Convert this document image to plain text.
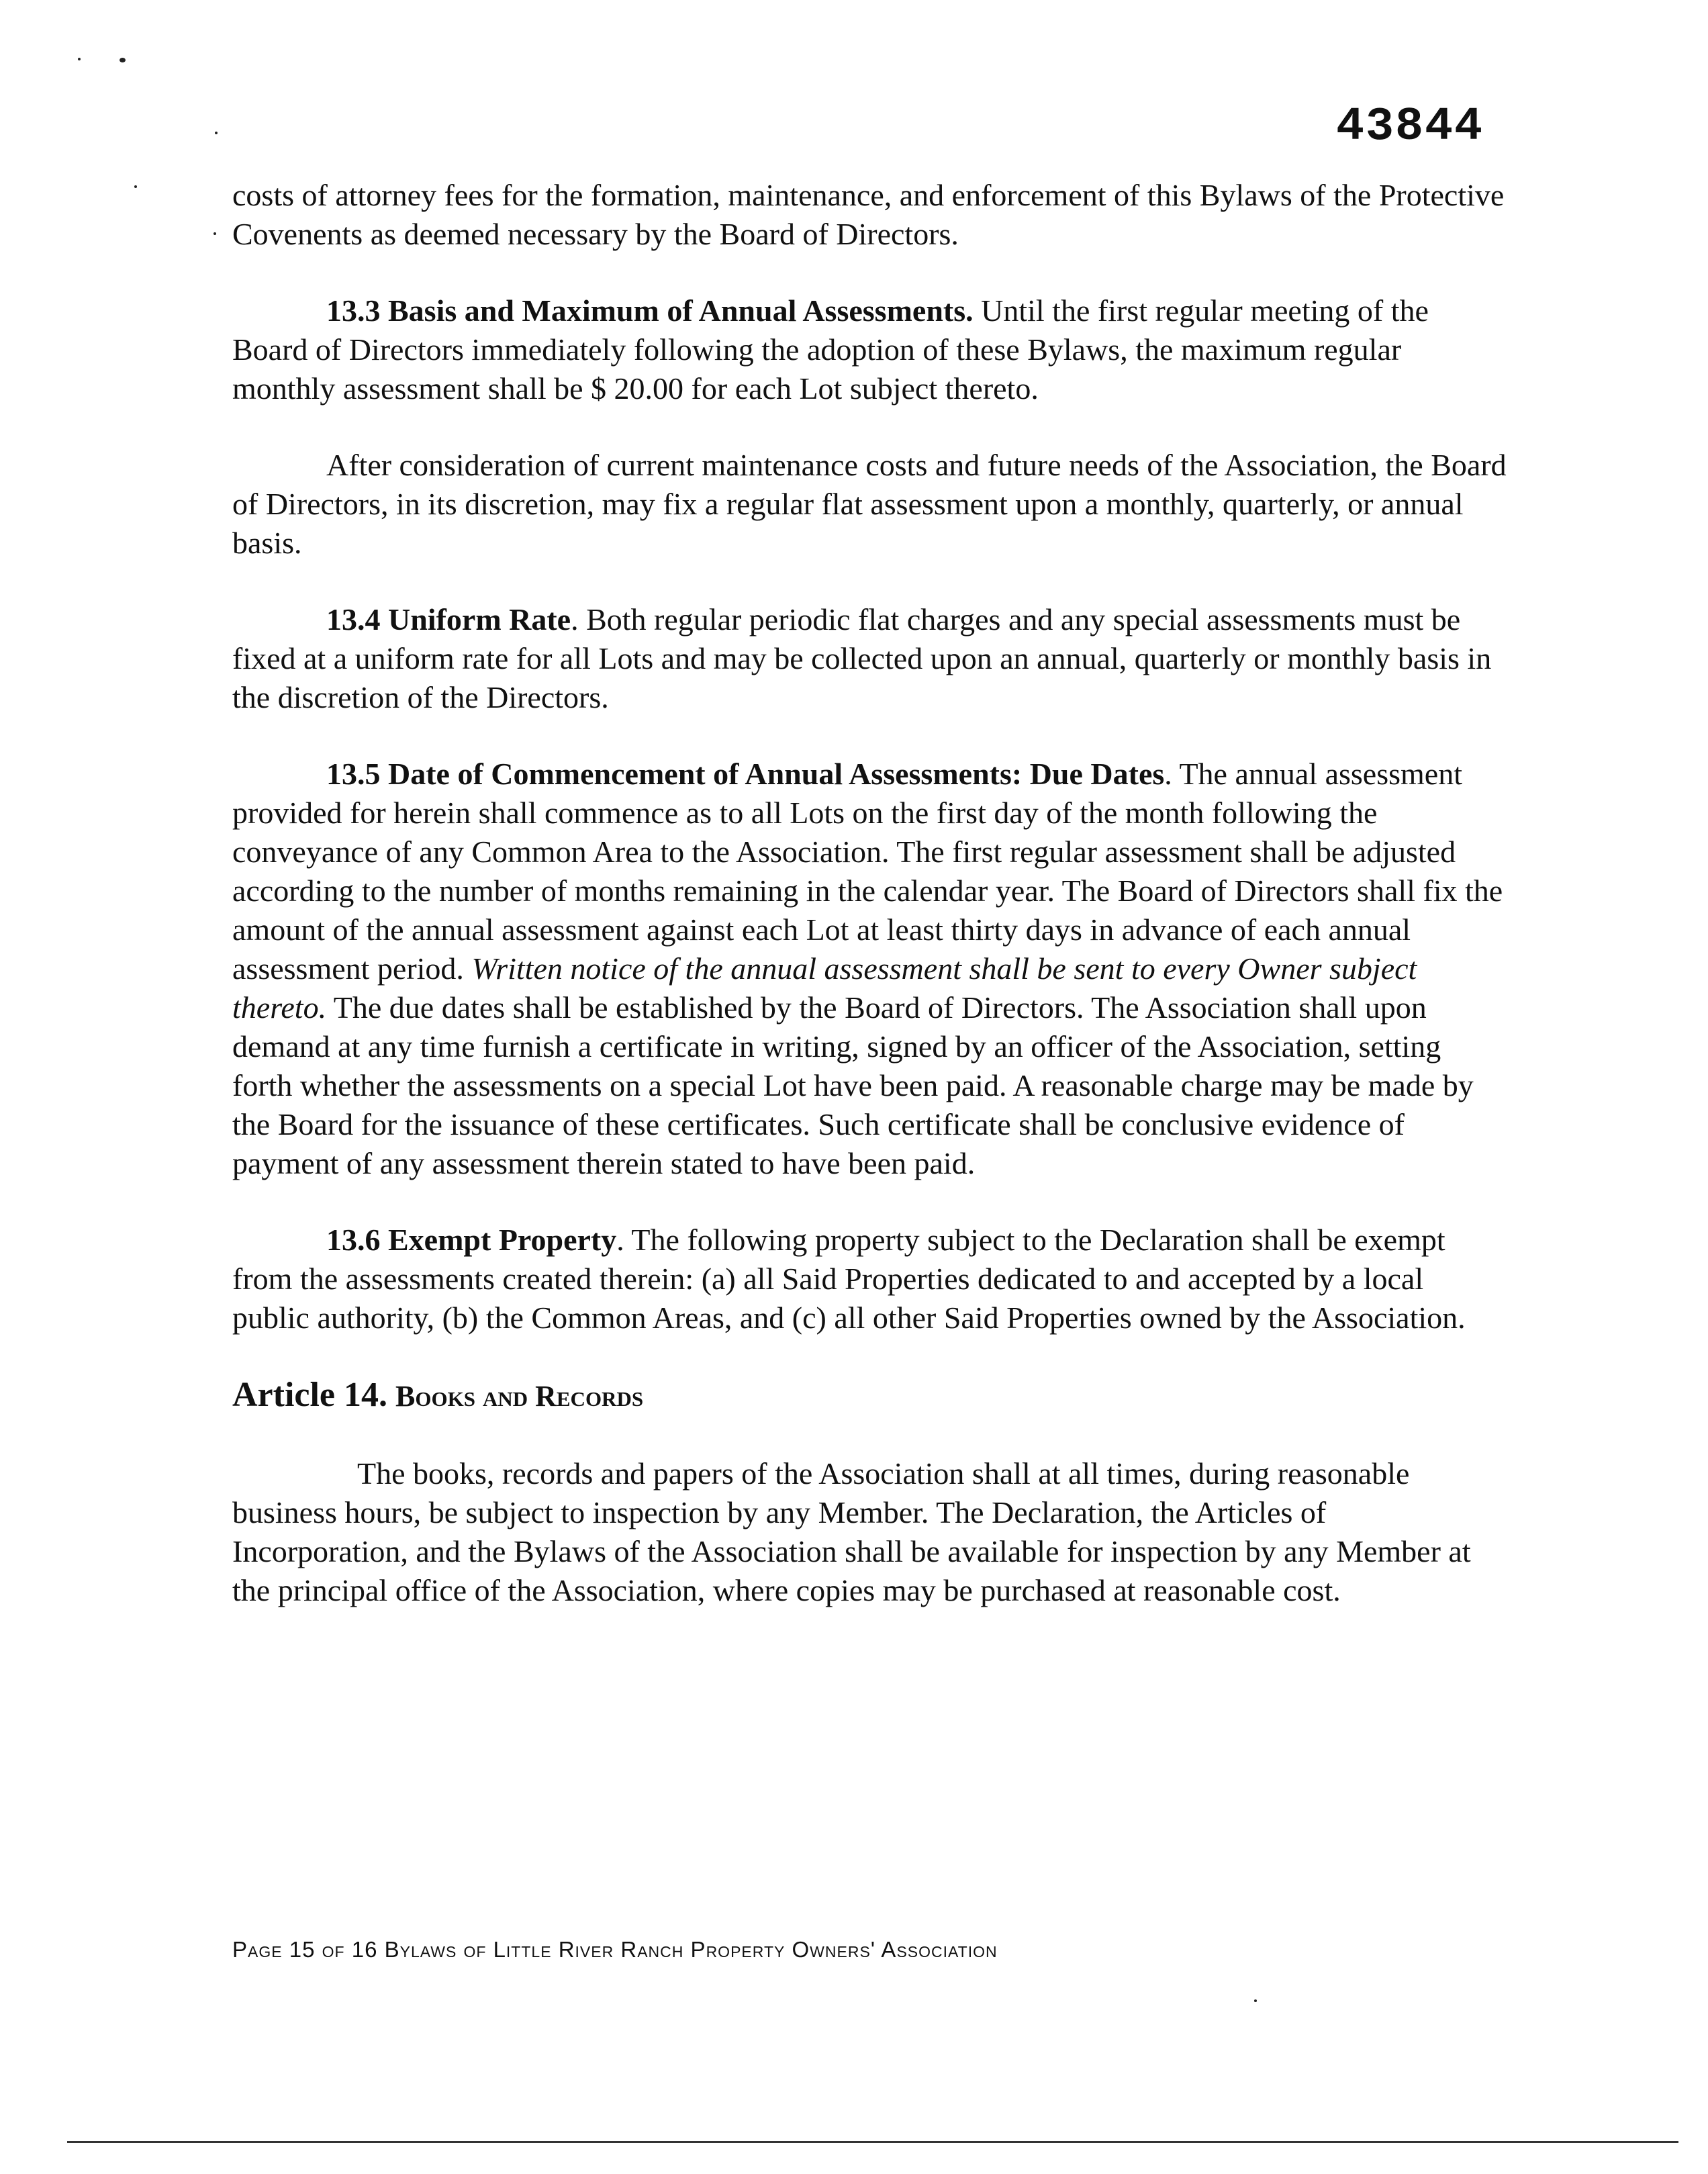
43844

costs of attorney fees for the formation, maintenance, and enforcement of this Bylaws of the Protective Covenents as deemed necessary by the Board of Directors.

13.3 Basis and Maximum of Annual Assessments. Until the first regular meeting of the Board of Directors immediately following the adoption of these Bylaws, the maximum regular monthly assessment shall be $ 20.00 for each Lot subject thereto.

After consideration of current maintenance costs and future needs of the Association, the Board of Directors, in its discretion, may fix a regular flat assessment upon a monthly, quarterly, or annual basis.

13.4 Uniform Rate. Both regular periodic flat charges and any special assessments must be fixed at a uniform rate for all Lots and may be collected upon an annual, quarterly or monthly basis in the discretion of the Directors.

13.5 Date of Commencement of Annual Assessments: Due Dates. The annual assessment provided for herein shall commence as to all Lots on the first day of the month following the conveyance of any Common Area to the Association. The first regular assessment shall be adjusted according to the number of months remaining in the calendar year. The Board of Directors shall fix the amount of the annual assessment against each Lot at least thirty days in advance of each annual assessment period. Written notice of the annual assessment shall be sent to every Owner subject thereto. The due dates shall be established by the Board of Directors. The Association shall upon demand at any time furnish a certificate in writing, signed by an officer of the Association, setting forth whether the assessments on a special Lot have been paid. A reasonable charge may be made by the Board for the issuance of these certificates. Such certificate shall be conclusive evidence of payment of any assessment therein stated to have been paid.

13.6 Exempt Property. The following property subject to the Declaration shall be exempt from the assessments created therein: (a) all Said Properties dedicated to and accepted by a local public authority, (b) the Common Areas, and (c) all other Said Properties owned by the Association.

Article 14. Books and Records

The books, records and papers of the Association shall at all times, during reasonable business hours, be subject to inspection by any Member. The Declaration, the Articles of Incorporation, and the Bylaws of the Association shall be available for inspection by any Member at the principal office of the Association, where copies may be purchased at reasonable cost.

Page 15 of 16 Bylaws of Little River Ranch Property Owners' Association
